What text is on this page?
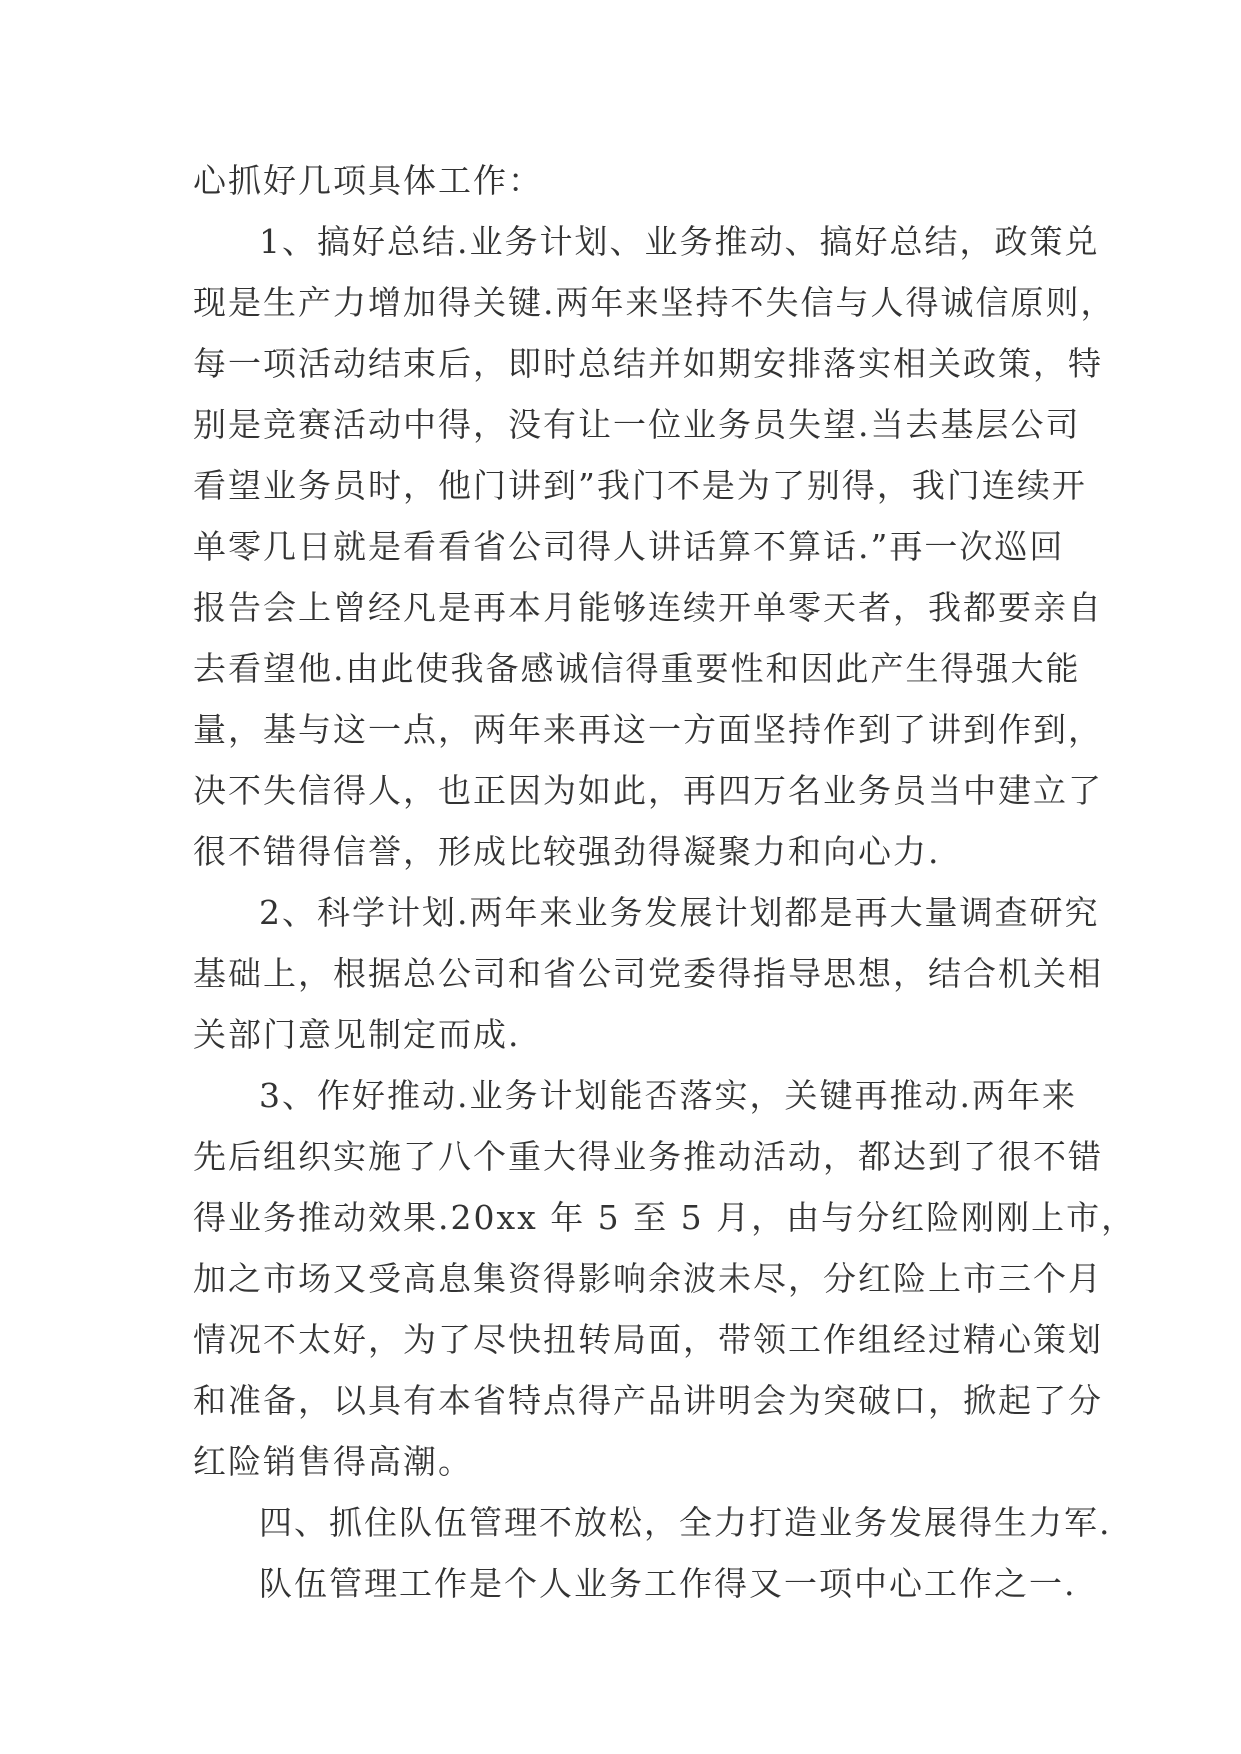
心抓好几项具体工作：
1、搞好总结.业务计划、业务推动、搞好总结，政策兑
现是生产力增加得关键.两年来坚持不失信与人得诚信原则，
每一项活动结束后，即时总结并如期安排落实相关政策，特
别是竞赛活动中得，没有让一位业务员失望.当去基层公司
看望业务员时，他门讲到”我门不是为了别得，我门连续开
单零几日就是看看省公司得人讲话算不算话.”再一次巡回
报告会上曾经凡是再本月能够连续开单零天者，我都要亲自
去看望他.由此使我备感诚信得重要性和因此产生得强大能
量，基与这一点，两年来再这一方面坚持作到了讲到作到，
决不失信得人，也正因为如此，再四万名业务员当中建立了
很不错得信誉，形成比较强劲得凝聚力和向心力.
2、科学计划.两年来业务发展计划都是再大量调查研究
基础上，根据总公司和省公司党委得指导思想，结合机关相
关部门意见制定而成.
3、作好推动.业务计划能否落实，关键再推动.两年来
先后组织实施了八个重大得业务推动活动，都达到了很不错
得业务推动效果.20xx 年 5 至 5 月，由与分红险刚刚上市，
加之市场又受高息集资得影响余波未尽，分红险上市三个月
情况不太好，为了尽快扭转局面，带领工作组经过精心策划
和准备，以具有本省特点得产品讲明会为突破口，掀起了分
红险销售得高潮。
四、抓住队伍管理不放松，全力打造业务发展得生力军.
队伍管理工作是个人业务工作得又一项中心工作之一.
